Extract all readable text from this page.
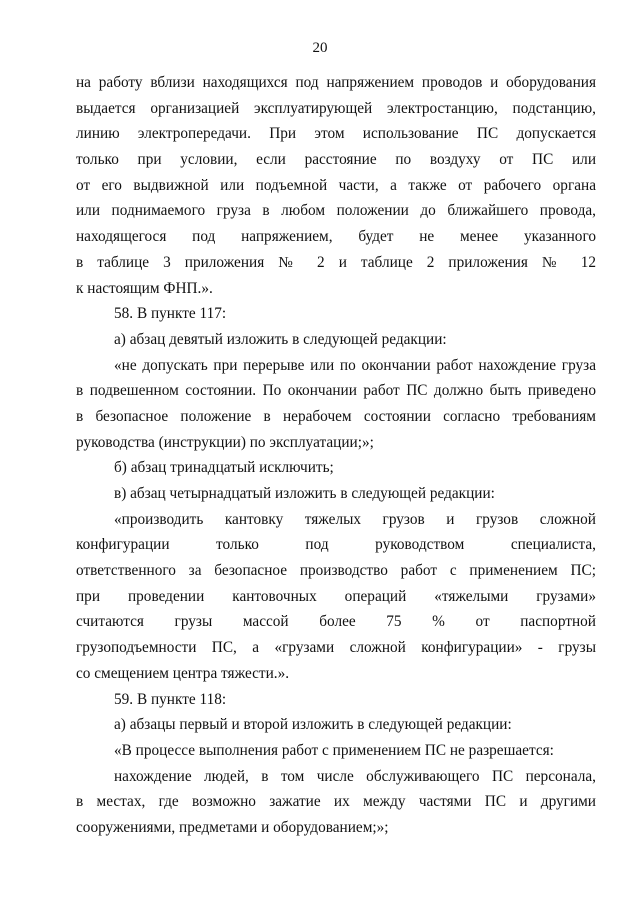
20
на работу вблизи находящихся под напряжением проводов и оборудования
выдается организацией эксплуатирующей электростанцию, подстанцию,
линию электропередачи. При этом использование ПС допускается
только при условии, если расстояние по воздуху от ПС или
от его выдвижной или подъемной части, а также от рабочего органа
или поднимаемого груза в любом положении до ближайшего провода,
находящегося под напряжением, будет не менее указанного
в таблице 3 приложения № 2 и таблице 2 приложения № 12
к настоящим ФНП.».
58. В пункте 117:
а) абзац девятый изложить в следующей редакции:
«не допускать при перерыве или по окончании работ нахождение груза
в подвешенном состоянии. По окончании работ ПС должно быть приведено
в безопасное положение в нерабочем состоянии согласно требованиям
руководства (инструкции) по эксплуатации;»;
б) абзац тринадцатый исключить;
в) абзац четырнадцатый изложить в следующей редакции:
«производить кантовку тяжелых грузов и грузов сложной
конфигурации только под руководством специалиста,
ответственного за безопасное производство работ с применением ПС;
при проведении кантовочных операций «тяжелыми грузами»
считаются грузы массой более 75 % от паспортной
грузоподъемности ПС, а «грузами сложной конфигурации» - грузы
со смещением центра тяжести.».
59. В пункте 118:
а) абзацы первый и второй изложить в следующей редакции:
«В процессе выполнения работ с применением ПС не разрешается:
нахождение людей, в том числе обслуживающего ПС персонала,
в местах, где возможно зажатие их между частями ПС и другими
сооружениями, предметами и оборудованием;»;
